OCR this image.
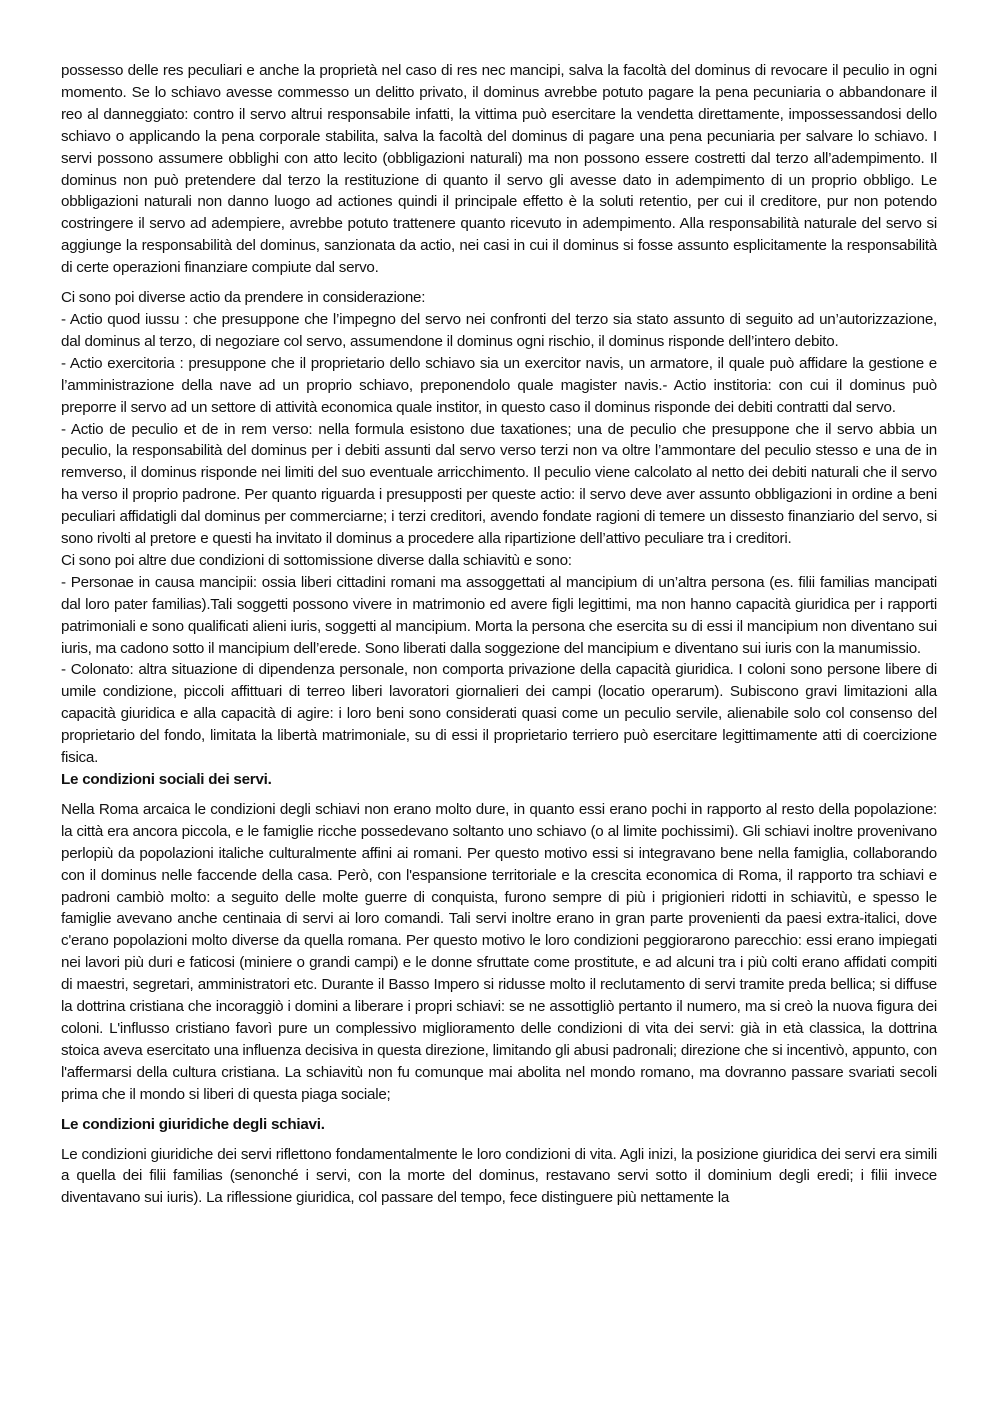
possesso delle res peculiari e anche la proprietà nel caso di res nec mancipi, salva la facoltà del dominus di revocare il peculio in ogni momento. Se lo schiavo avesse commesso un delitto privato, il dominus avrebbe potuto pagare la pena pecuniaria o abbandonare il reo al danneggiato: contro il servo altrui responsabile infatti, la vittima può esercitare la vendetta direttamente, impossessandosi dello schiavo o applicando la pena corporale stabilita, salva la facoltà del dominus di pagare una pena pecuniaria per salvare lo schiavo. I servi possono assumere obblighi con atto lecito (obbligazioni naturali) ma non possono essere costretti dal terzo all’adempimento. Il dominus non può pretendere dal terzo la restituzione di quanto il servo gli avesse dato in adempimento di un proprio obbligo. Le obbligazioni naturali non danno luogo ad actiones quindi il principale effetto è la soluti retentio, per cui il creditore, pur non potendo costringere il servo ad adempiere, avrebbe potuto trattenere quanto ricevuto in adempimento. Alla responsabilità naturale del servo si aggiunge la responsabilità del dominus, sanzionata da actio, nei casi in cui il dominus si fosse assunto esplicitamente la responsabilità di certe operazioni finanziare compiute dal servo.

Ci sono poi diverse actio da prendere in considerazione:

- Actio quod iussu : che presuppone che l’impegno del servo nei confronti del terzo sia stato assunto di seguito ad un’autorizzazione, dal dominus al terzo, di negoziare col servo, assumendone il dominus ogni rischio, il dominus risponde dell’intero debito.

- Actio exercitoria : presuppone che il proprietario dello schiavo sia un exercitor navis, un armatore, il quale può affidare la gestione e l’amministrazione della nave ad un proprio schiavo, preponendolo quale magister navis.- Actio institoria: con cui il dominus può preporre il servo ad un settore di attività economica quale institor, in questo caso il dominus risponde dei debiti contratti dal servo.

- Actio de peculio et de in rem verso: nella formula esistono due taxationes; una de peculio che presuppone che il servo abbia un peculio, la responsabilità del dominus per i debiti assunti dal servo verso terzi non va oltre l’ammontare del peculio stesso e una de in remverso, il dominus risponde nei limiti del suo eventuale arricchimento. Il peculio viene calcolato al netto dei debiti naturali che il servo ha verso il proprio padrone. Per quanto riguarda i presupposti per queste actio: il servo deve aver assunto obbligazioni in ordine a beni peculiari affidatigli dal dominus per commerciarne; i terzi creditori, avendo fondate ragioni di temere un dissesto finanziario del servo, si sono rivolti al pretore e questi ha invitato il dominus a procedere alla ripartizione dell’attivo peculiare tra i creditori.

Ci sono poi altre due condizioni di sottomissione diverse dalla schiavitù e sono:

- Personae in causa mancipii: ossia liberi cittadini romani ma assoggettati al mancipium di un’altra persona (es. filii familias mancipati dal loro pater familias).Tali soggetti possono vivere in matrimonio ed avere figli legittimi, ma non hanno capacità giuridica per i rapporti patrimoniali e sono qualificati alieni iuris, soggetti al mancipium. Morta la persona che esercita su di essi il mancipium non diventano sui iuris, ma cadono sotto il mancipium dell’erede. Sono liberati dalla soggezione del mancipium e diventano sui iuris con la manumissio.

- Colonato: altra situazione di dipendenza personale, non comporta privazione della capacità giuridica. I coloni sono persone libere di umile condizione, piccoli affittuari di terreo liberi lavoratori giornalieri dei campi (locatio operarum). Subiscono gravi limitazioni alla capacità giuridica e alla capacità di agire: i loro beni sono considerati quasi come un peculio servile, alienabile solo col consenso del proprietario del fondo, limitata la libertà matrimoniale, su di essi il proprietario terriero può esercitare legittimamente atti di coercizione fisica.

Le condizioni sociali dei servi.

Nella Roma arcaica le condizioni degli schiavi non erano molto dure, in quanto essi erano pochi in rapporto al resto della popolazione: la città era ancora piccola, e le famiglie ricche possedevano soltanto uno schiavo (o al limite pochissimi). Gli schiavi inoltre provenivano perlopiù da popolazioni italiche culturalmente affini ai romani. Per questo motivo essi si integravano bene nella famiglia, collaborando con il dominus nelle faccende della casa. Però, con l'espansione territoriale e la crescita economica di Roma, il rapporto tra schiavi e padroni cambiò molto: a seguito delle molte guerre di conquista, furono sempre di più i prigionieri ridotti in schiavitù, e spesso le famiglie avevano anche centinaia di servi ai loro comandi. Tali servi inoltre erano in gran parte provenienti da paesi extra-italici, dove c'erano popolazioni molto diverse da quella romana. Per questo motivo le loro condizioni peggiorarono parecchio: essi erano impiegati nei lavori più duri e faticosi (miniere o grandi campi) e le donne sfruttate come prostitute, e ad alcuni tra i più colti erano affidati compiti di maestri, segretari, amministratori etc. Durante il Basso Impero si ridusse molto il reclutamento di servi tramite preda bellica; si diffuse la dottrina cristiana che incoraggiò i domini a liberare i propri schiavi: se ne assottigliò pertanto il numero, ma si creò la nuova figura dei coloni. L'influsso cristiano favorì pure un complessivo miglioramento delle condizioni di vita dei servi: già in età classica, la dottrina stoica aveva esercitato una influenza decisiva in questa direzione, limitando gli abusi padronali; direzione che si incentivò, appunto, con l'affermarsi della cultura cristiana. La schiavitù non fu comunque mai abolita nel mondo romano, ma dovranno passare svariati secoli prima che il mondo si liberi di questa piaga sociale;

Le condizioni giuridiche degli schiavi.

Le condizioni giuridiche dei servi riflettono fondamentalmente le loro condizioni di vita. Agli inizi, la posizione giuridica dei servi era simili a quella dei filii familias (senonché i servi, con la morte del dominus, restavano servi sotto il dominium degli eredi; i filii invece diventavano sui iuris). La riflessione giuridica, col passare del tempo, fece distinguere più nettamente la
